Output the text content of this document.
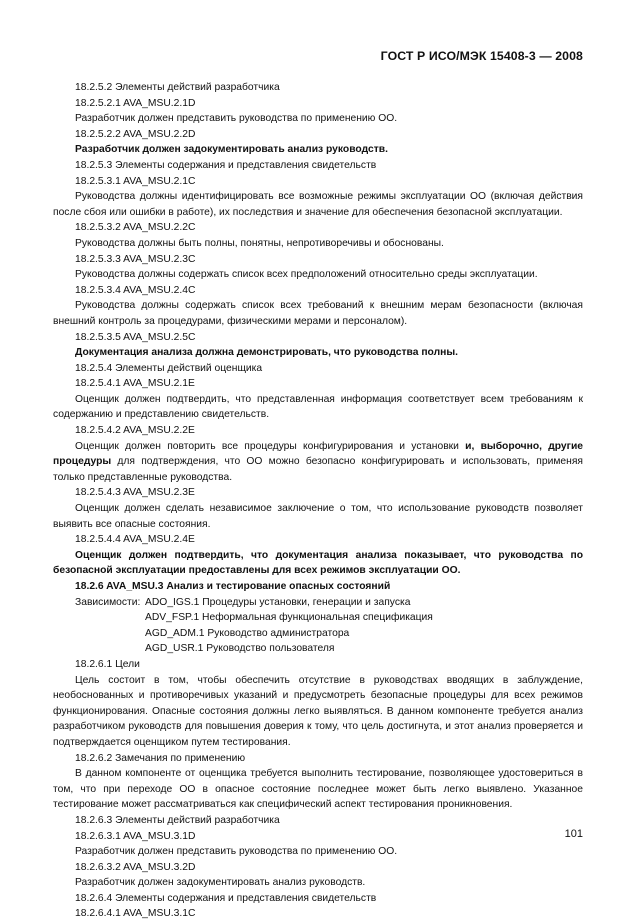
ГОСТ Р ИСО/МЭК 15408-3 — 2008

18.2.5.2 Элементы действий разработчика

18.2.5.2.1 AVA_MSU.2.1D

Разработчик должен представить руководства по применению ОО.

18.2.5.2.2 AVA_MSU.2.2D

Разработчик должен задокументировать анализ руководств.

18.2.5.3 Элементы содержания и представления свидетельств

18.2.5.3.1 AVA_MSU.2.1C

Руководства должны идентифицировать все возможные режимы эксплуатации ОО (включая действия после сбоя или ошибки в работе), их последствия и значение для обеспечения безопасной эксплуатации.

18.2.5.3.2 AVA_MSU.2.2C

Руководства должны быть полны, понятны, непротиворечивы и обоснованы.

18.2.5.3.3 AVA_MSU.2.3C

Руководства должны содержать список всех предположений относительно среды эксплуатации.

18.2.5.3.4 AVA_MSU.2.4C

Руководства должны содержать список всех требований к внешним мерам безопасности (включая внешний контроль за процедурами, физическими мерами и персоналом).

18.2.5.3.5 AVA_MSU.2.5C

Документация анализа должна демонстрировать, что руководства полны.

18.2.5.4 Элементы действий оценщика

18.2.5.4.1 AVA_MSU.2.1E

Оценщик должен подтвердить, что представленная информация соответствует всем требованиям к содержанию и представлению свидетельств.

18.2.5.4.2 AVA_MSU.2.2E

Оценщик должен повторить все процедуры конфигурирования и установки и, выборочно, другие процедуры для подтверждения, что ОО можно безопасно конфигурировать и использовать, применяя только представленные руководства.

18.2.5.4.3 AVA_MSU.2.3E

Оценщик должен сделать независимое заключение о том, что использование руководств позволяет выявить все опасные состояния.

18.2.5.4.4 AVA_MSU.2.4E

Оценщик должен подтвердить, что документация анализа показывает, что руководства по безопасной эксплуатации предоставлены для всех режимов эксплуатации ОО.

18.2.6 AVA_MSU.3 Анализ и тестирование опасных состояний

Зависимости: ADO_IGS.1 Процедуры установки, генерации и запуска
ADV_FSP.1 Неформальная функциональная спецификация
AGD_ADM.1 Руководство администратора
AGD_USR.1 Руководство пользователя

18.2.6.1 Цели

Цель состоит в том, чтобы обеспечить отсутствие в руководствах вводящих в заблуждение, необоснованных и противоречивых указаний и предусмотреть безопасные процедуры для всех режимов функционирования. Опасные состояния должны легко выявляться. В данном компоненте требуется анализ разработчиком руководств для повышения доверия к тому, что цель достигнута, и этот анализ проверяется и подтверждается оценщиком путем тестирования.

18.2.6.2 Замечания по применению

В данном компоненте от оценщика требуется выполнить тестирование, позволяющее удостовериться в том, что при переходе ОО в опасное состояние последнее может быть легко выявлено. Указанное тестирование может рассматриваться как специфический аспект тестирования проникновения.

18.2.6.3 Элементы действий разработчика

18.2.6.3.1 AVA_MSU.3.1D

Разработчик должен представить руководства по применению ОО.

18.2.6.3.2 AVA_MSU.3.2D

Разработчик должен задокументировать анализ руководств.

18.2.6.4 Элементы содержания и представления свидетельств

18.2.6.4.1 AVA_MSU.3.1C

101
